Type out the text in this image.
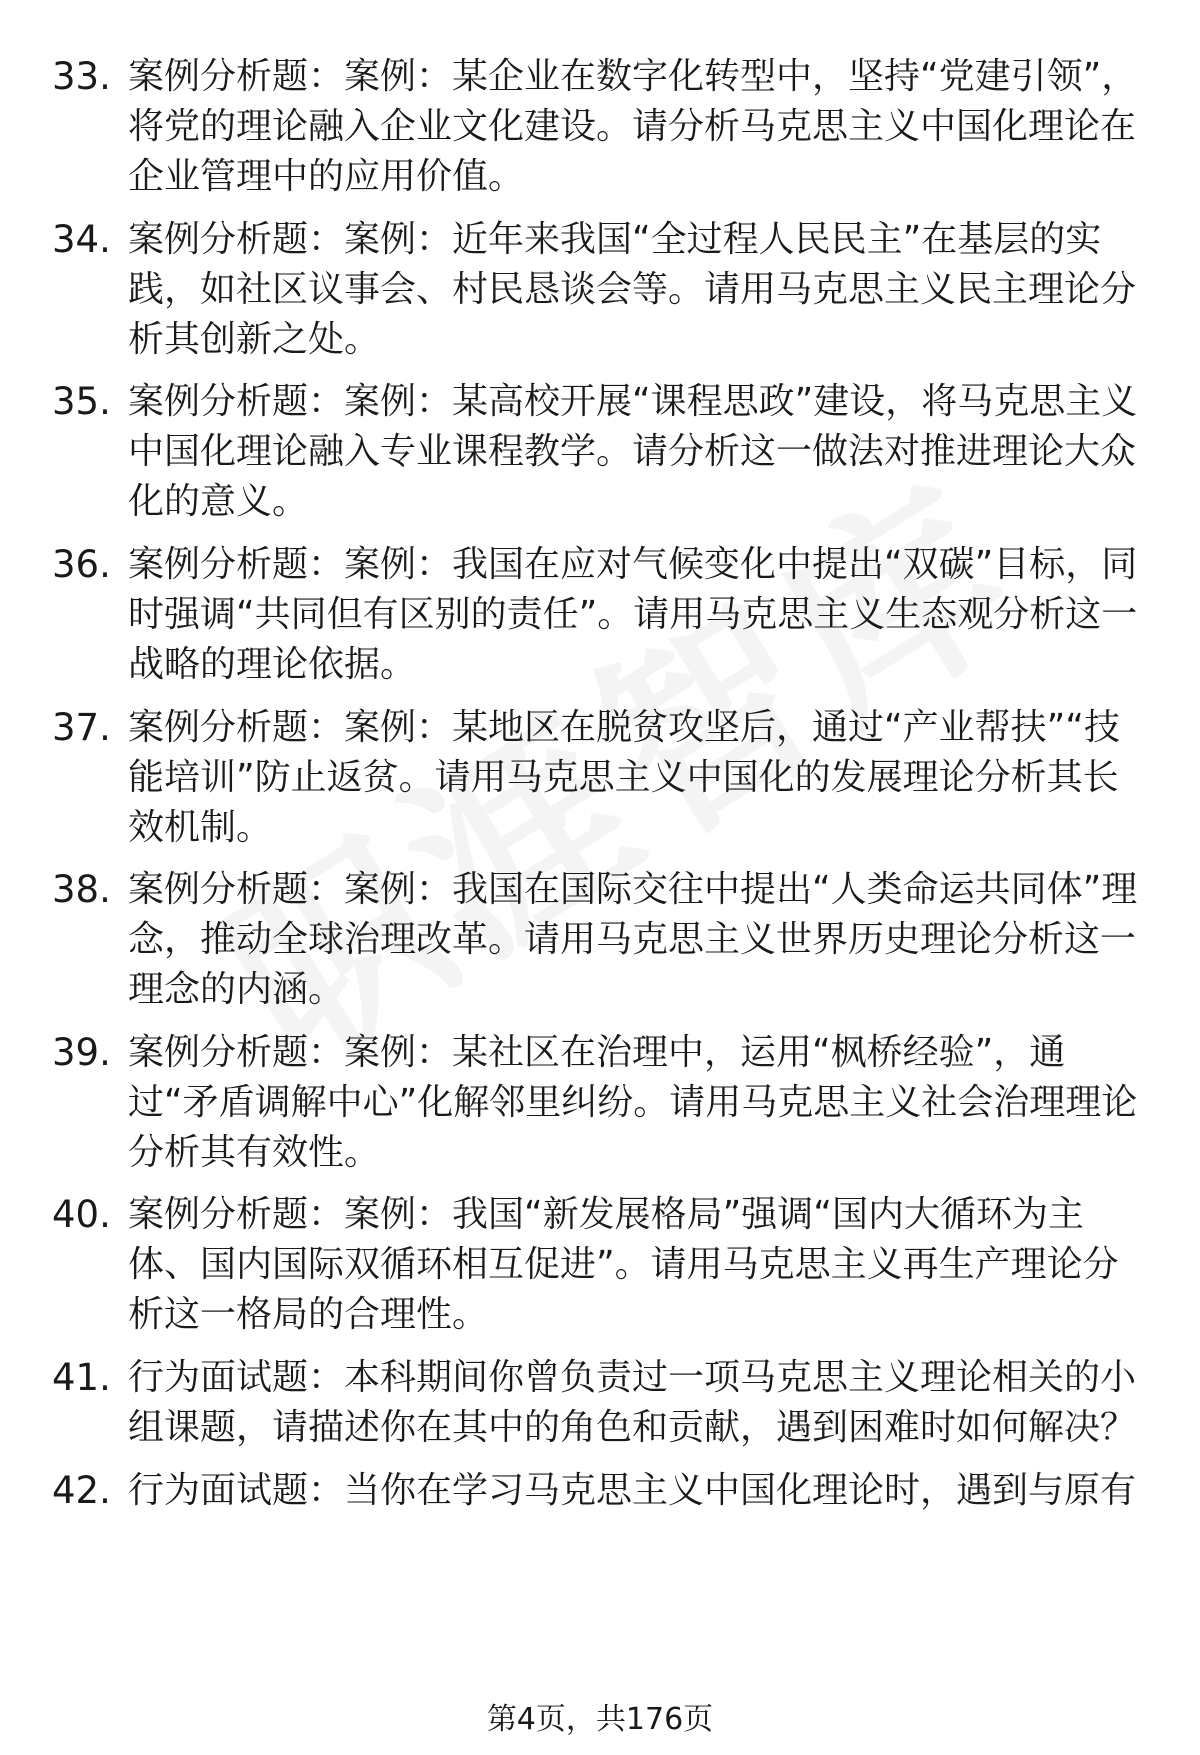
33. 案例分析题：案例：某企业在数字化转型中，坚持“党建引领”，将党的理论融入企业文化建设。请分析马克思主义中国化理论在企业管理中的应用价值。
34. 案例分析题：案例：近年来我国“全过程人民民主”在基层的实践，如社区议事会、村民恳谈会等。请用马克思主义民主理论分析其创新之处。
35. 案例分析题：案例：某高校开展“课程思政”建设，将马克思主义中国化理论融入专业课程教学。请分析这一做法对推进理论大众化的意义。
36. 案例分析题：案例：我国在应对气候变化中提出“双碳”目标，同时强调“共同但有区别的责任”。请用马克思主义生态观分析这一战略的理论依据。
37. 案例分析题：案例：某地区在脱贫攻坚后，通过“产业帮扶”“技能培训”防止返贫。请用马克思主义中国化的发展理论分析其长效机制。
38. 案例分析题：案例：我国在国际交往中提出“人类命运共同体”理念，推动全球治理改革。请用马克思主义世界历史理论分析这一理念的内涵。
39. 案例分析题：案例：某社区在治理中，运用“枫桥经验”，通过“矛盾调解中心”化解邻里纠纷。请用马克思主义社会治理理论分析其有效性。
40. 案例分析题：案例：我国“新发展格局”强调“国内大循环为主体、国内国际双循环相互促进”。请用马克思主义再生产理论分析这一格局的合理性。
41. 行为面试题：本科期间你曾负责过一项马克思主义理论相关的小组课题，请描述你在其中的角色和贡献，遇到困难时如何解决？
42. 行为面试题：当你在学习马克思主义中国化理论时，遇到与原有
第4页，共176页
